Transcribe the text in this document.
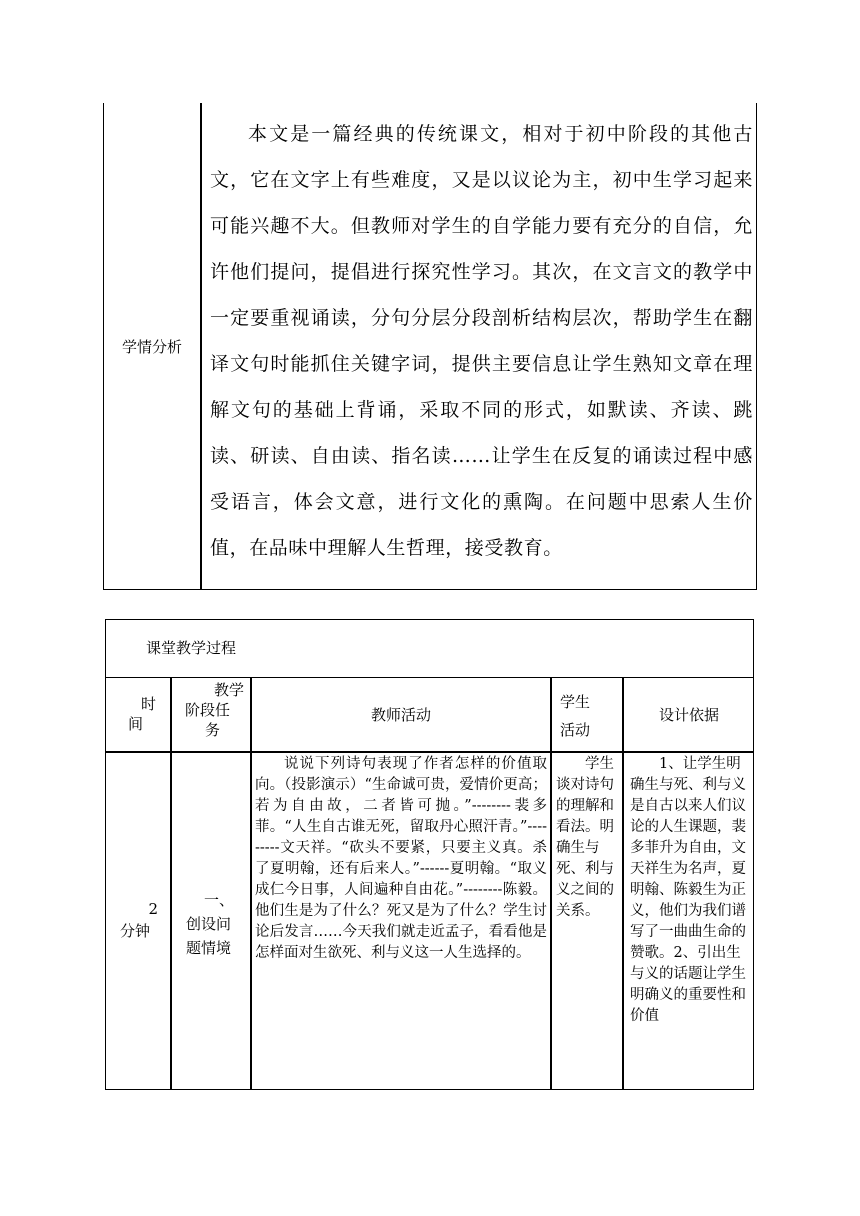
学情分析
本文是一篇经典的传统课文，相对于初中阶段的其他古文，它在文字上有些难度，又是以议论为主，初中生学习起来可能兴趣不大。但教师对学生的自学能力要有充分的自信，允许他们提问，提倡进行探究性学习。其次，在文言文的教学中一定要重视诵读，分句分层分段剖析结构层次，帮助学生在翻译文句时能抓住关键字词，提供主要信息让学生熟知文章在理解文句的基础上背诵，采取不同的形式，如默读、齐读、跳读、研读、自由读、指名读……让学生在反复的诵读过程中感受语言，体会文意，进行文化的熏陶。在问题中思索人生价值，在品味中理解人生哲理，接受教育。
课堂教学过程
时
间
教学
阶段任
务
教师活动
学生
活动
设计依据
2
分钟
一、
创设问
题情境
说说下列诗句表现了作者怎样的价值取向。（投影演示）“生命诚可贵，爱情价更高；若为自由故，二者皆可抛。”--------裴多菲。“人生自古谁无死，留取丹心照汗青。”---------文天祥。“砍头不要紧，只要主义真。杀了夏明翰，还有后来人。”------夏明翰。“取义成仁今日事，人间遍种自由花。”--------陈毅。他们生是为了什么？死又是为了什么？学生讨论后发言……今天我们就走近孟子，看看他是怎样面对生欲死、利与义这一人生选择的。
学生谈对诗句的理解和看法。明确生与死、利与义之间的关系。
1、让学生明确生与死、利与义是自古以来人们议论的人生课题，裴多菲升为自由，文天祥生为名声，夏明翰、陈毅生为正义，他们为我们谱写了一曲曲生命的赞歌。2、引出生与义的话题让学生明确义的重要性和价值
